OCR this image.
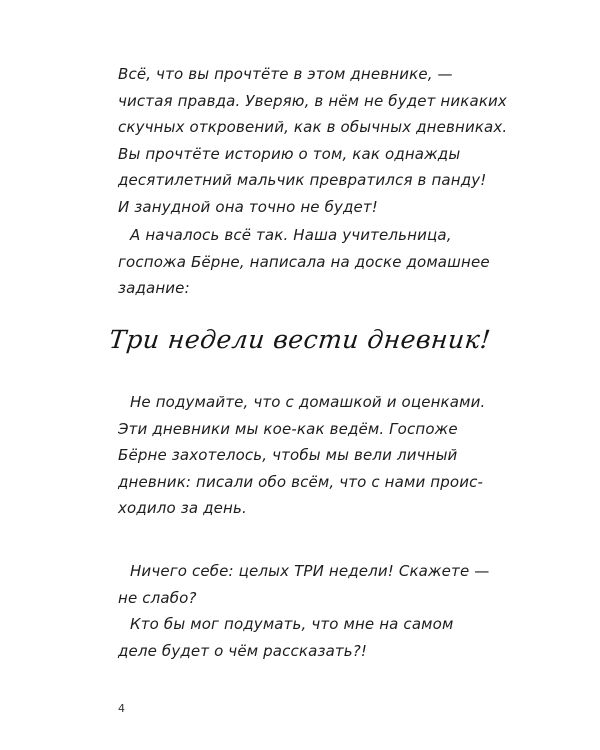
Всё, что вы прочтёте в этом дневнике, —
чистая правда. Уверяю, в нём не будет никаких
скучных откровений, как в обычных дневниках.
Вы прочтёте историю о том, как однажды
десятилетний мальчик превратился в панду!
И занудной она точно не будет!

А началось всё так. Наша учительница,
госпожа Бёрне, написала на доске домашнее
задание:

Три недели вести дневник!

Не подумайте, что с домашкой и оценками.
Эти дневники мы кое-как ведём. Госпоже
Бёрне захотелось, чтобы мы вели личный
дневник: писали обо всём, что с нами проис-
ходило за день.

Ничего себе: целых ТРИ недели! Скажете —
не слабо?
Кто бы мог подумать, что мне на самом
деле будет о чём рассказать?!

4
